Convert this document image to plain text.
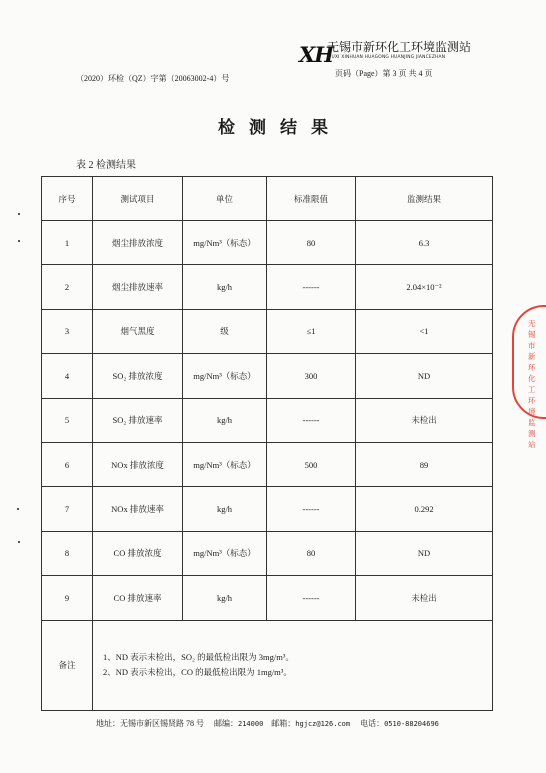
XH
无锡市新环化工环境监测站
WUXI XINHUAN HUAGONG HUANJING JIANCEZHAN
（2020）环检（QZ）字第（20063002-4）号
页码（Page）第 3 页 共 4 页
检测结果
表 2 检测结果
序号	测试项目	单位	标准限值	监测结果
1	烟尘排放浓度	mg/Nm³（标态）	80	6.3
2	烟尘排放速率	kg/h	------	2.04×10⁻²
3	烟气黑度	级	≤1	<1
4	SO₂ 排放浓度	mg/Nm³（标态）	300	ND
5	SO₂ 排放速率	kg/h	------	未检出
6	NOx 排放浓度	mg/Nm³（标态）	500	89
7	NOx 排放速率	kg/h	------	0.292
8	CO 排放浓度	mg/Nm³（标态）	80	ND
9	CO 排放速率	kg/h	------	未检出
备注	1、ND 表示未检出，SO₂ 的最低检出限为 3mg/m³。
2、ND 表示未检出，CO 的最低检出限为 1mg/m³。			
地址：无锡市新区锡贤路 78 号 邮编：214000 邮箱：hgjcz@126.com 电话：0510-88204696
无锡市新环化工环境监测站
